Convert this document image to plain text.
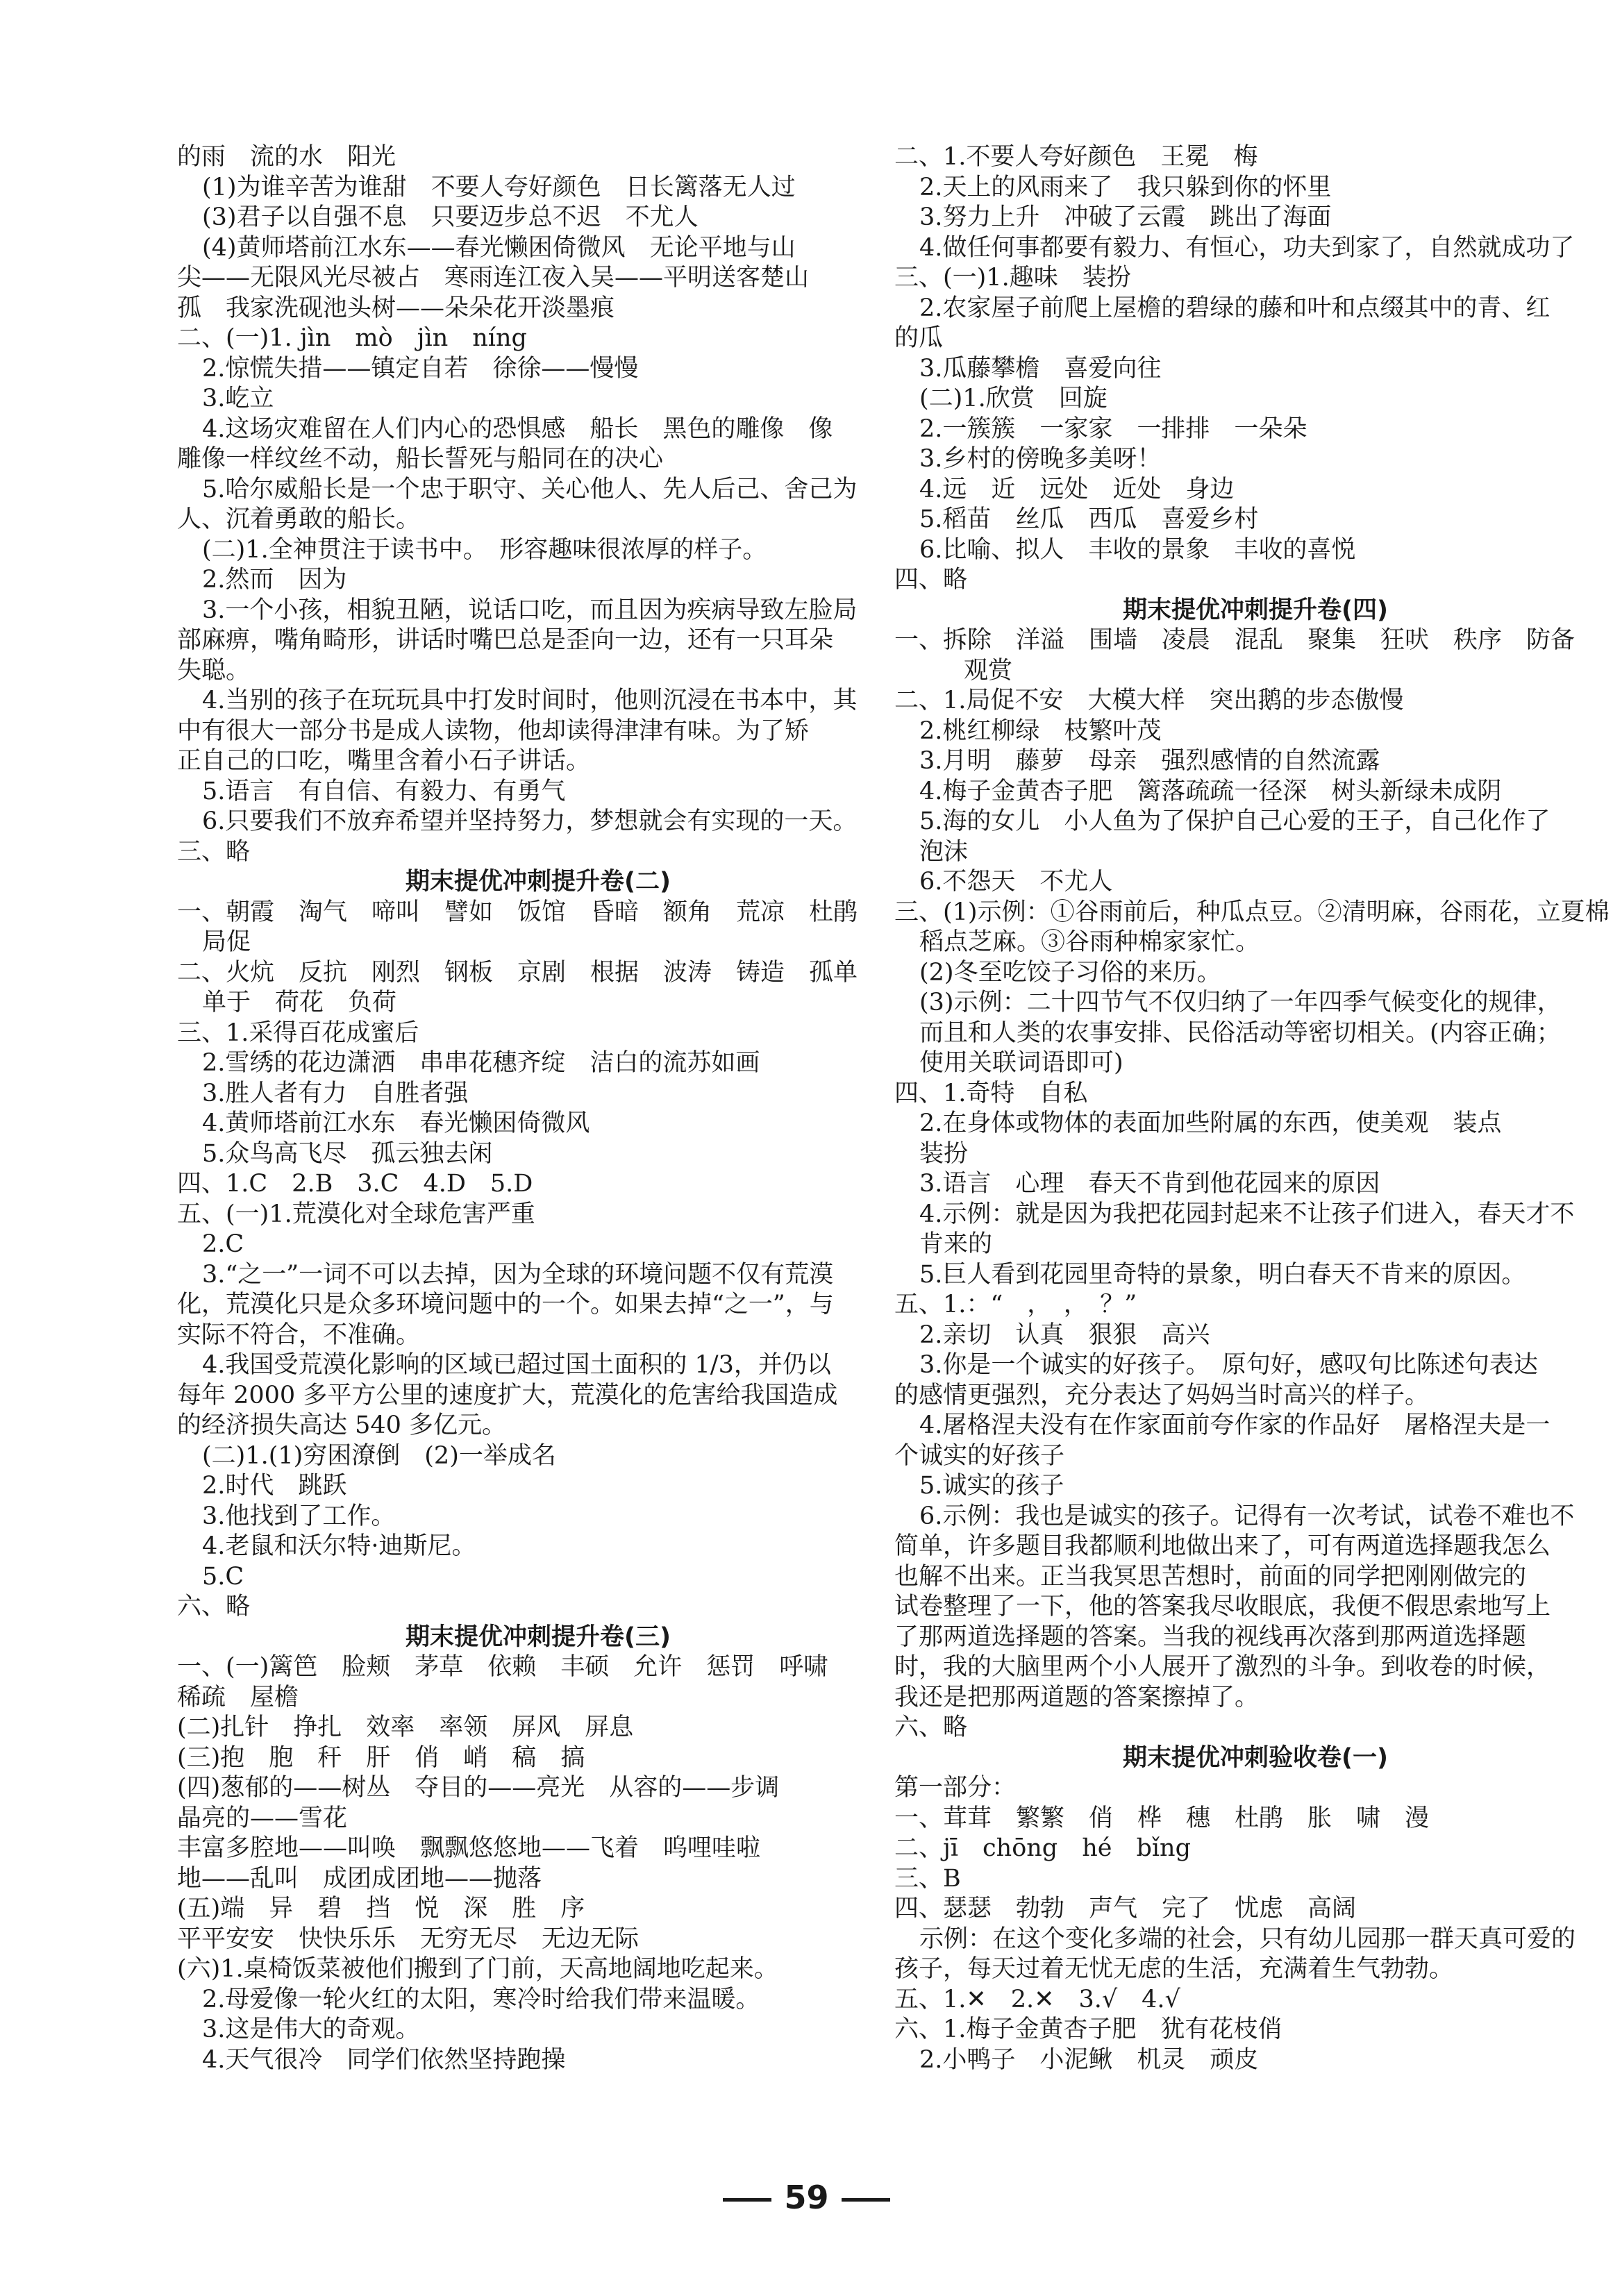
的雨　流的水　阳光
(1)为谁辛苦为谁甜　不要人夸好颜色　日长篱落无人过
(3)君子以自强不息　只要迈步总不迟　不尤人
(4)黄师塔前江水东——春光懒困倚微风　无论平地与山
尖——无限风光尽被占　寒雨连江夜入吴——平明送客楚山
孤　我家洗砚池头树——朵朵花开淡墨痕
二、(一)1. jìn　mò　jìn　níng
2.惊慌失措——镇定自若　徐徐——慢慢
3.屹立
4.这场灾难留在人们内心的恐惧感　船长　黑色的雕像　像
雕像一样纹丝不动，船长誓死与船同在的决心
5.哈尔威船长是一个忠于职守、关心他人、先人后己、舍己为
人、沉着勇敢的船长。
(二)1.全神贯注于读书中。　形容趣味很浓厚的样子。
2.然而　因为
3.一个小孩，相貌丑陋，说话口吃，而且因为疾病导致左脸局
部麻痹，嘴角畸形，讲话时嘴巴总是歪向一边，还有一只耳朵
失聪。
4.当别的孩子在玩玩具中打发时间时，他则沉浸在书本中，其
中有很大一部分书是成人读物，他却读得津津有味。为了矫
正自己的口吃，嘴里含着小石子讲话。
5.语言　有自信、有毅力、有勇气
6.只要我们不放弃希望并坚持努力，梦想就会有实现的一天。
三、略
期末提优冲刺提升卷(二)
一、朝霞　淘气　啼叫　譬如　饭馆　昏暗　额角　荒凉　杜鹃
局促
二、火炕　反抗　刚烈　钢板　京剧　根据　波涛　铸造　孤单
单于　荷花　负荷
三、1.采得百花成蜜后
2.雪绣的花边潇洒　串串花穗齐绽　洁白的流苏如画
3.胜人者有力　自胜者强
4.黄师塔前江水东　春光懒困倚微风
5.众鸟高飞尽　孤云独去闲
四、1.C　2.B　3.C　4.D　5.D
五、(一)1.荒漠化对全球危害严重
2.C
3.“之一”一词不可以去掉，因为全球的环境问题不仅有荒漠
化，荒漠化只是众多环境问题中的一个。如果去掉“之一”，与
实际不符合，不准确。
4.我国受荒漠化影响的区域已超过国土面积的 1/3，并仍以
每年 2000 多平方公里的速度扩大，荒漠化的危害给我国造成
的经济损失高达 540 多亿元。
(二)1.(1)穷困潦倒　(2)一举成名
2.时代　跳跃
3.他找到了工作。
4.老鼠和沃尔特·迪斯尼。
5.C
六、略
期末提优冲刺提升卷(三)
一、(一)篱笆　脸颊　茅草　依赖　丰硕　允许　惩罚　呼啸
稀疏　屋檐
(二)扎针　挣扎　效率　率领　屏风　屏息
(三)抱　胞　秆　肝　俏　峭　稿　搞
(四)葱郁的——树丛　夺目的——亮光　从容的——步调
晶亮的——雪花
丰富多腔地——叫唤　飘飘悠悠地——飞着　呜哩哇啦
地——乱叫　成团成团地——抛落
(五)端　异　碧　挡　悦　深　胜　序
平平安安　快快乐乐　无穷无尽　无边无际
(六)1.桌椅饭菜被他们搬到了门前，天高地阔地吃起来。
2.母爱像一轮火红的太阳，寒冷时给我们带来温暖。
3.这是伟大的奇观。
4.天气很冷　同学们依然坚持跑操
二、1.不要人夸好颜色　王冕　梅
2.天上的风雨来了　我只躲到你的怀里
3.努力上升　冲破了云霞　跳出了海面
4.做任何事都要有毅力、有恒心，功夫到家了，自然就成功了
三、(一)1.趣味　装扮
2.农家屋子前爬上屋檐的碧绿的藤和叶和点缀其中的青、红
的瓜
3.瓜藤攀檐　喜爱向往
(二)1.欣赏　回旋
2.一簇簇　一家家　一排排　一朵朵
3.乡村的傍晚多美呀！
4.远　近　远处　近处　身边
5.稻苗　丝瓜　西瓜　喜爱乡村
6.比喻、拟人　丰收的景象　丰收的喜悦
四、略
期末提优冲刺提升卷(四)
一、拆除　洋溢　围墙　凌晨　混乱　聚集　狂吠　秩序　防备
观赏
二、1.局促不安　大模大样　突出鹅的步态傲慢
2.桃红柳绿　枝繁叶茂
3.月明　藤萝　母亲　强烈感情的自然流露
4.梅子金黄杏子肥　篱落疏疏一径深　树头新绿未成阴
5.海的女儿　小人鱼为了保护自己心爱的王子，自己化作了
泡沫
6.不怨天　不尤人
三、(1)示例：①谷雨前后，种瓜点豆。②清明麻，谷雨花，立夏棉
稻点芝麻。③谷雨种棉家家忙。
(2)冬至吃饺子习俗的来历。
(3)示例：二十四节气不仅归纳了一年四季气候变化的规律，
而且和人类的农事安排、民俗活动等密切相关。(内容正确；
使用关联词语即可)
四、1.奇特　自私
2.在身体或物体的表面加些附属的东西，使美观　装点
装扮
3.语言　心理　春天不肯到他花园来的原因
4.示例：就是因为我把花园封起来不让孩子们进入，春天才不
肯来的
5.巨人看到花园里奇特的景象，明白春天不肯来的原因。
五、1.：“　，　，　？”
2.亲切　认真　狠狠　高兴
3.你是一个诚实的好孩子。　原句好，感叹句比陈述句表达
的感情更强烈，充分表达了妈妈当时高兴的样子。
4.屠格涅夫没有在作家面前夸作家的作品好　屠格涅夫是一
个诚实的好孩子
5.诚实的孩子
6.示例：我也是诚实的孩子。记得有一次考试，试卷不难也不
简单，许多题目我都顺利地做出来了，可有两道选择题我怎么
也解不出来。正当我冥思苦想时，前面的同学把刚刚做完的
试卷整理了一下，他的答案我尽收眼底，我便不假思索地写上
了那两道选择题的答案。当我的视线再次落到那两道选择题
时，我的大脑里两个小人展开了激烈的斗争。到收卷的时候，
我还是把那两道题的答案擦掉了。
六、略
期末提优冲刺验收卷(一)
第一部分：
一、茸茸　繁繁　俏　桦　穗　杜鹃　胀　啸　漫
二、jī　chōng　hé　bǐng
三、B
四、瑟瑟　勃勃　声气　完了　忧虑　高阔
示例：在这个变化多端的社会，只有幼儿园那一群天真可爱的
孩子，每天过着无忧无虑的生活，充满着生气勃勃。
五、1.✕　2.✕　3.√　4.√
六、1.梅子金黄杏子肥　犹有花枝俏
2.小鸭子　小泥鳅　机灵　顽皮
59
